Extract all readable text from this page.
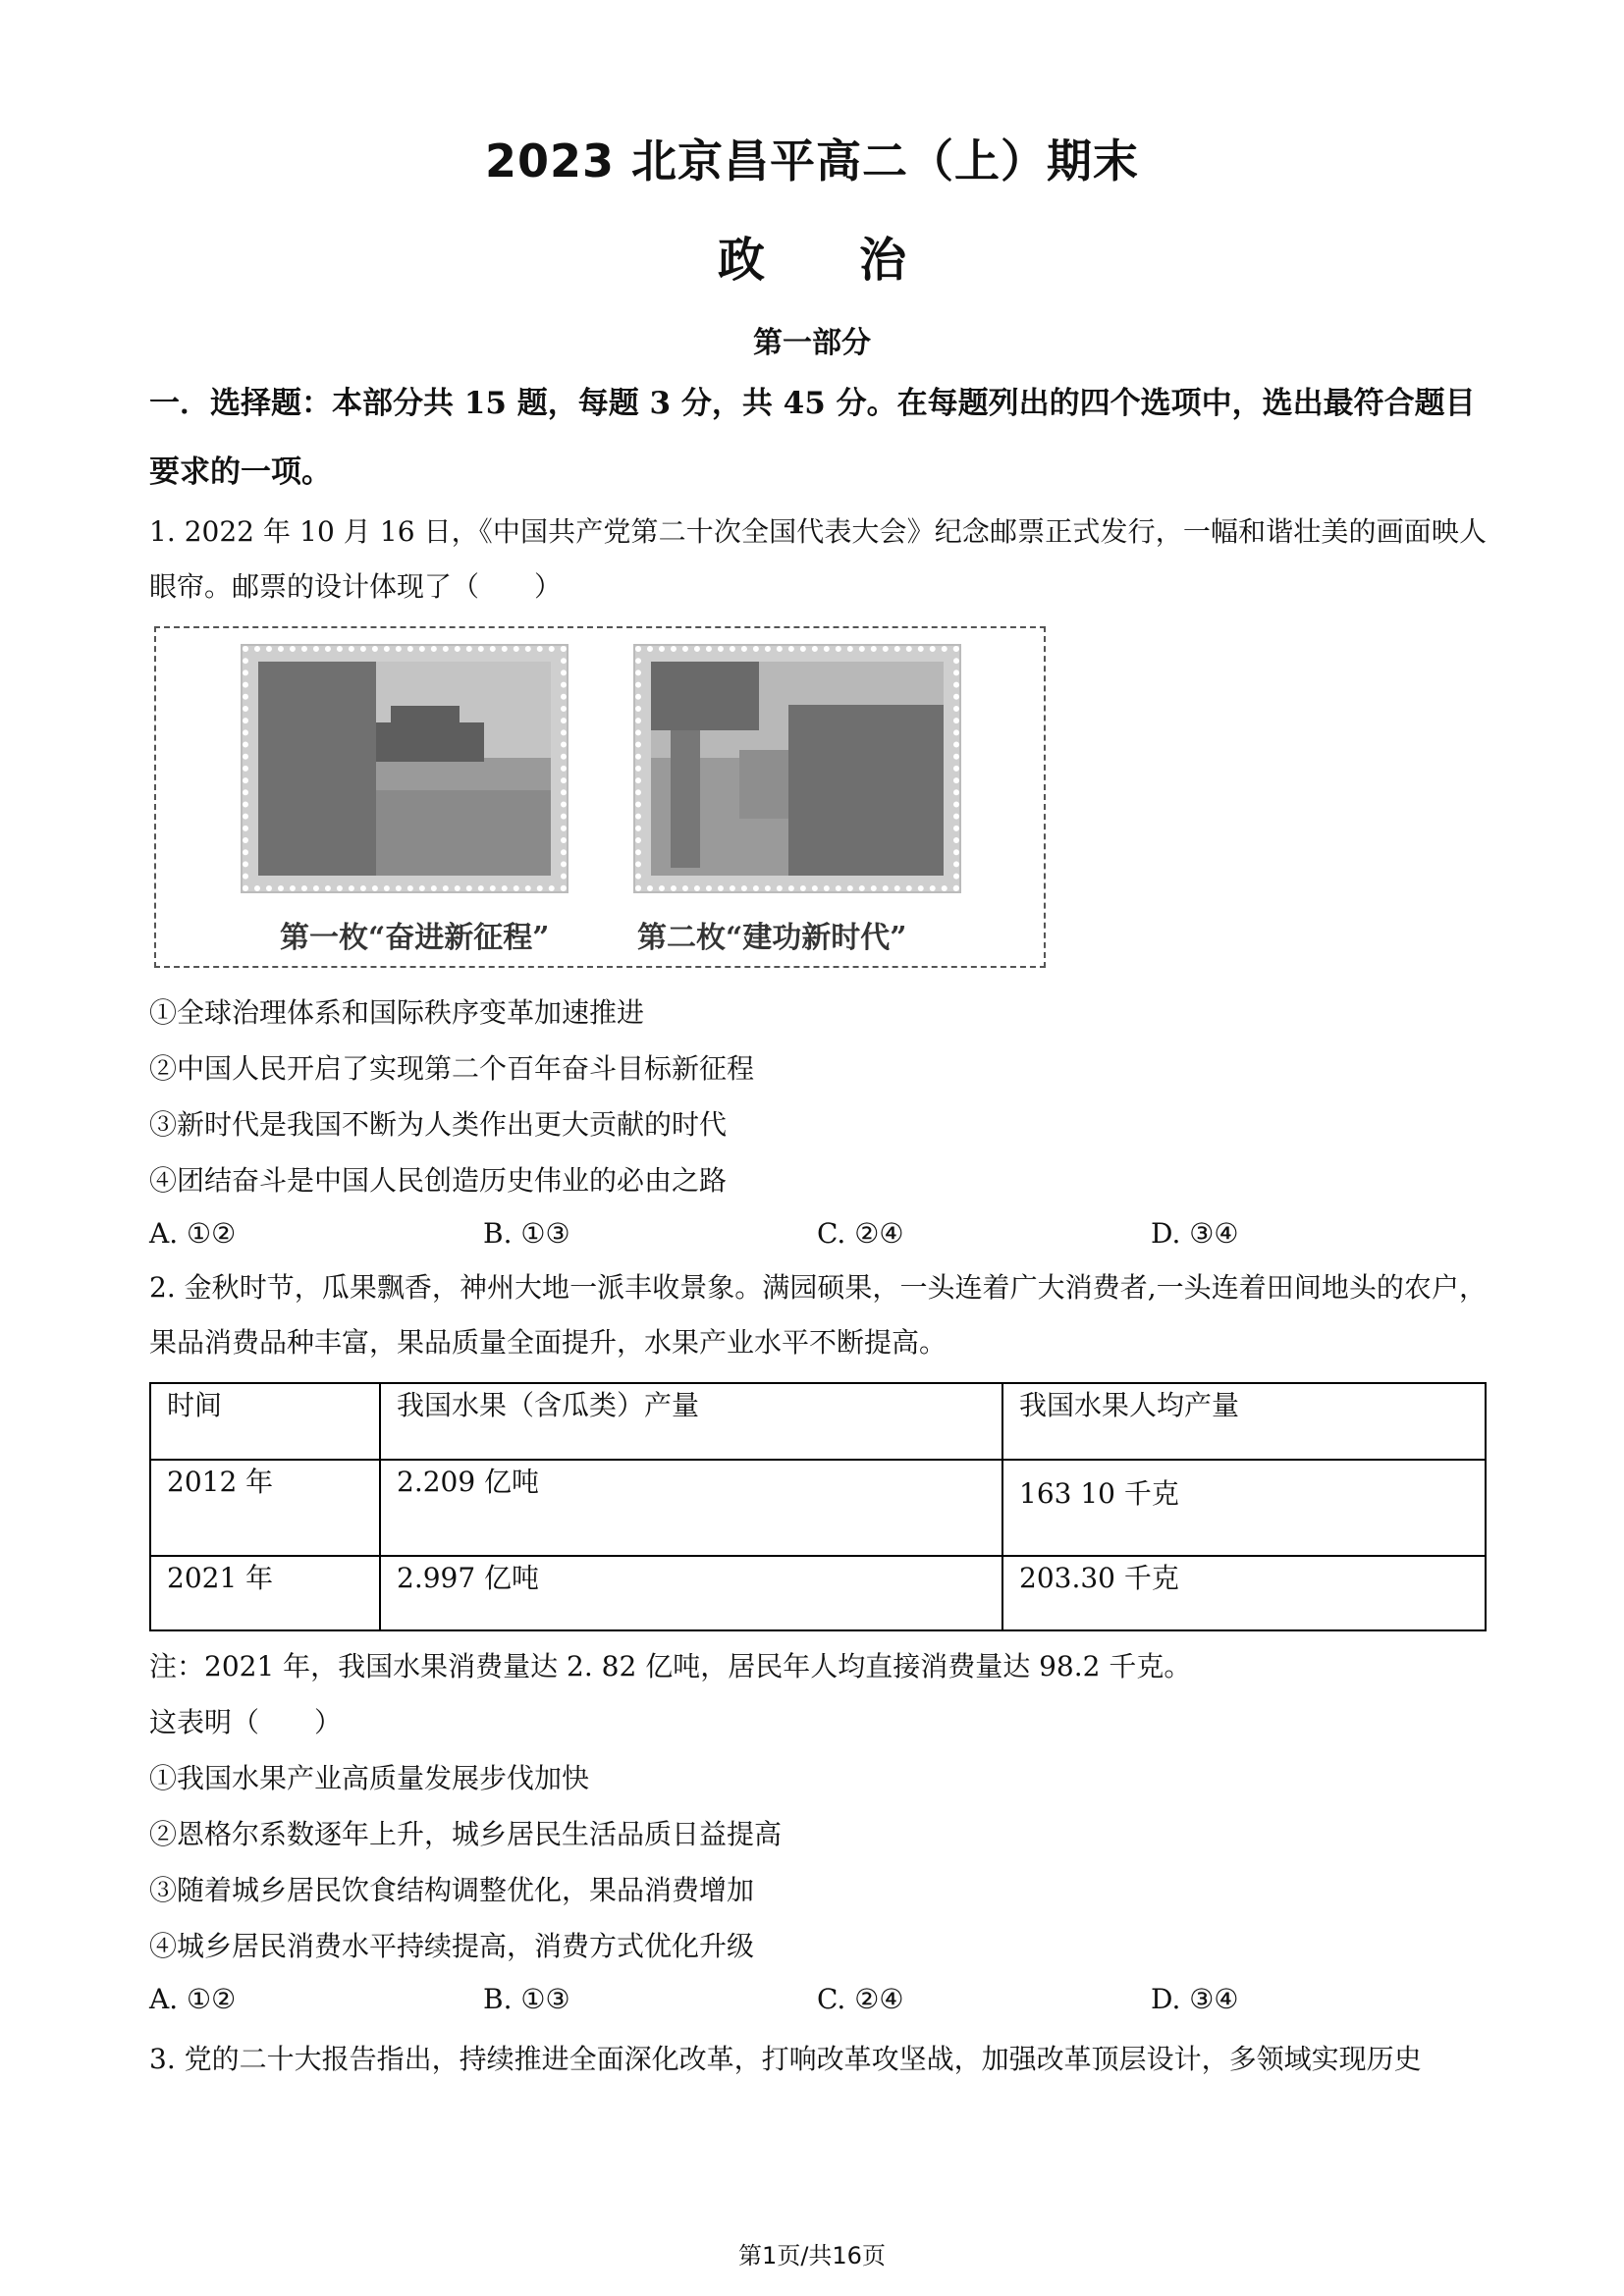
2023 北京昌平高二（上）期末
政　　治
第一部分
一．选择题：本部分共 15 题，每题 3 分，共 45 分。在每题列出的四个选项中，选出最符合题目要求的一项。
1. 2022 年 10 月 16 日，《中国共产党第二十次全国代表大会》纪念邮票正式发行，一幅和谐壮美的画面映人眼帘。邮票的设计体现了（　　）
第一枚“奋进新征程”	第二枚“建功新时代”
①全球治理体系和国际秩序变革加速推进
②中国人民开启了实现第二个百年奋斗目标新征程
③新时代是我国不断为人类作出更大贡献的时代
④团结奋斗是中国人民创造历史伟业的必由之路
A. ①②	B. ①③	C. ②④	D. ③④
2. 金秋时节，瓜果飘香，神州大地一派丰收景象。满园硕果，一头连着广大消费者,一头连着田间地头的农户，果品消费品种丰富，果品质量全面提升，水果产业水平不断提高。
时间	我国水果（含瓜类）产量	我国水果人均产量
2012 年	2.209 亿吨	163 10 千克
2021 年	2.997 亿吨	203.30 千克
注：2021 年，我国水果消费量达 2. 82 亿吨，居民年人均直接消费量达 98.2 千克。
这表明（　　）
①我国水果产业高质量发展步伐加快
②恩格尔系数逐年上升，城乡居民生活品质日益提高
③随着城乡居民饮食结构调整优化，果品消费增加
④城乡居民消费水平持续提高，消费方式优化升级
A. ①②	B. ①③	C. ②④	D. ③④
3. 党的二十大报告指出，持续推进全面深化改革，打响改革攻坚战，加强改革顶层设计，多领域实现历史
第1页/共16页
